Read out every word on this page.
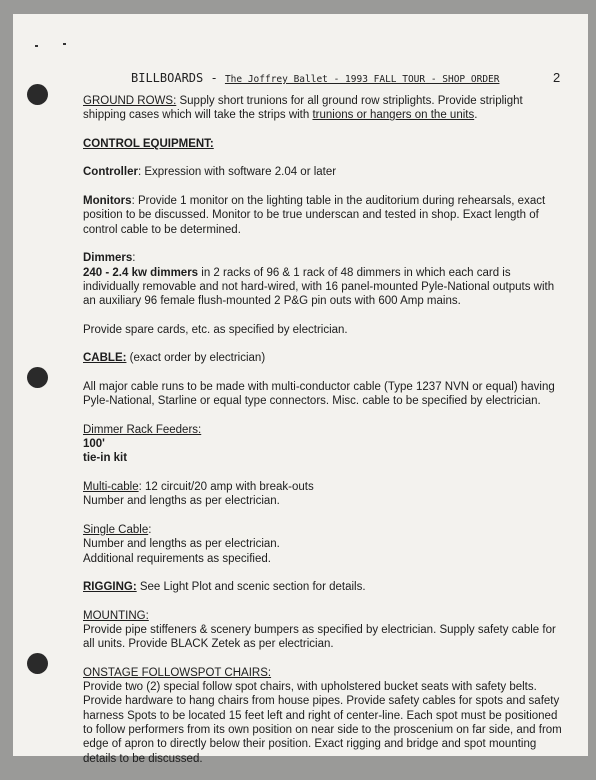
BILLBOARDS - The Joffrey Ballet - 1993 FALL TOUR - SHOP ORDER	2

GROUND ROWS: Supply short trunions for all ground row striplights. Provide striplight shipping cases which will take the strips with trunions or hangers on the units.

CONTROL EQUIPMENT:

Controller: Expression with software 2.04 or later

Monitors: Provide 1 monitor on the lighting table in the auditorium during rehearsals, exact position to be discussed. Monitor to be true underscan and tested in shop. Exact length of control cable to be determined.

Dimmers:
240 - 2.4 kw dimmers in 2 racks of 96 & 1 rack of 48 dimmers in which each card is individually removable and not hard-wired, with 16 panel-mounted Pyle-National outputs with an auxiliary 96 female flush-mounted 2 P&G pin outs with 600 Amp mains.

Provide spare cards, etc. as specified by electrician.

CABLE: (exact order by electrician)

All major cable runs to be made with multi-conductor cable (Type 1237 NVN or equal) having Pyle-National, Starline or equal type connectors. Misc. cable to be specified by electrician.

Dimmer Rack Feeders:
100'
tie-in kit

Multi-cable: 12 circuit/20 amp with break-outs
Number and lengths as per electrician.

Single Cable:
Number and lengths as per electrician.
Additional requirements as specified.

RIGGING: See Light Plot and scenic section for details.

MOUNTING:
Provide pipe stiffeners & scenery bumpers as specified by electrician. Supply safety cable for all units. Provide BLACK Zetek as per electrician.

ONSTAGE FOLLOWSPOT CHAIRS:
Provide two (2) special follow spot chairs, with upholstered bucket seats with safety belts. Provide hardware to hang chairs from house pipes. Provide safety cables for spots and safety harness Spots to be located 15 feet left and right of center-line. Each spot must be positioned to follow performers from its own position on near side to the proscenium on far side, and from edge of apron to directly below their position. Exact rigging and bridge and spot mounting details to be discussed.
